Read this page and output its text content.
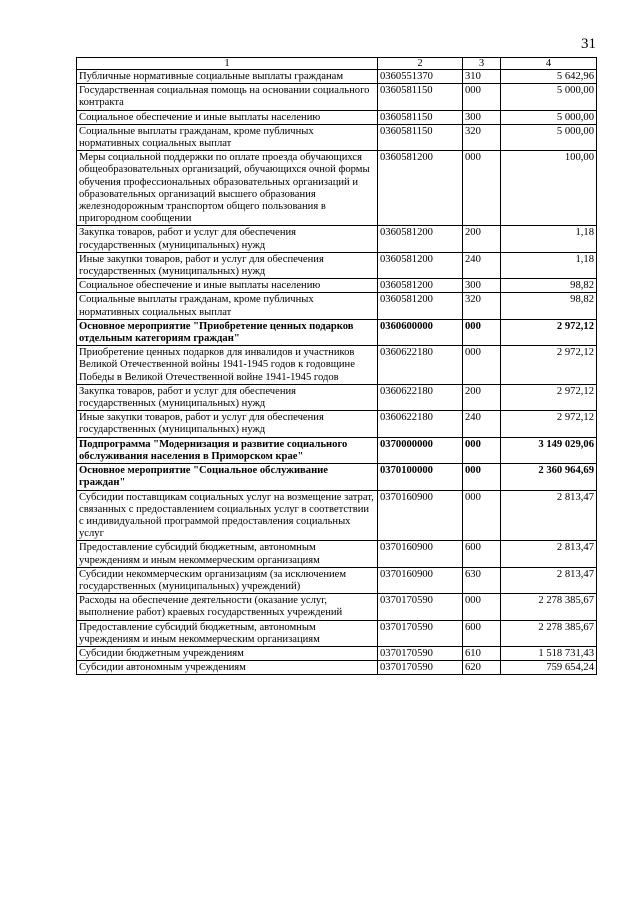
31
1	2	3	4
Публичные нормативные социальные выплаты гражданам	0360551370	310	5 642,96
Государственная социальная помощь на основании социального контракта	0360581150	000	5 000,00
Социальное обеспечение и иные выплаты населению	0360581150	300	5 000,00
Социальные выплаты гражданам, кроме публичных нормативных социальных выплат	0360581150	320	5 000,00
Меры социальной поддержки по оплате проезда обучающихся общеобразовательных организаций, обучающихся очной формы обучения профессиональных образовательных организаций и образовательных организаций высшего образования железнодорожным транспортом общего пользования в пригородном сообщении	0360581200	000	100,00
Закупка товаров, работ и услуг для обеспечения государственных (муниципальных) нужд	0360581200	200	1,18
Иные закупки товаров, работ и услуг для обеспечения государственных (муниципальных) нужд	0360581200	240	1,18
Социальное обеспечение и иные выплаты населению	0360581200	300	98,82
Социальные выплаты гражданам, кроме публичных нормативных социальных выплат	0360581200	320	98,82
Основное мероприятие "Приобретение ценных подарков отдельным категориям граждан"	0360600000	000	2 972,12
Приобретение ценных подарков для инвалидов и участников Великой Отечественной войны 1941-1945 годов к годовщине Победы в Великой Отечественной войне 1941-1945 годов	0360622180	000	2 972,12
Закупка товаров, работ и услуг для обеспечения государственных (муниципальных) нужд	0360622180	200	2 972,12
Иные закупки товаров, работ и услуг для обеспечения государственных (муниципальных) нужд	0360622180	240	2 972,12
Подпрограмма "Модернизация и развитие социального обслуживания населения в Приморском крае"	0370000000	000	3 149 029,06
Основное мероприятие "Социальное обслуживание граждан"	0370100000	000	2 360 964,69
Субсидии поставщикам социальных услуг на возмещение затрат, связанных с предоставлением социальных услуг в соответствии с индивидуальной программой предоставления социальных услуг	0370160900	000	2 813,47
Предоставление субсидий бюджетным, автономным учреждениям и иным некоммерческим организациям	0370160900	600	2 813,47
Субсидии некоммерческим организациям (за исключением государственных (муниципальных) учреждений)	0370160900	630	2 813,47
Расходы на обеспечение деятельности (оказание услуг, выполнение работ) краевых государственных учреждений	0370170590	000	2 278 385,67
Предоставление субсидий бюджетным, автономным учреждениям и иным некоммерческим организациям	0370170590	600	2 278 385,67
Субсидии бюджетным учреждениям	0370170590	610	1 518 731,43
Субсидии автономным учреждениям	0370170590	620	759 654,24
